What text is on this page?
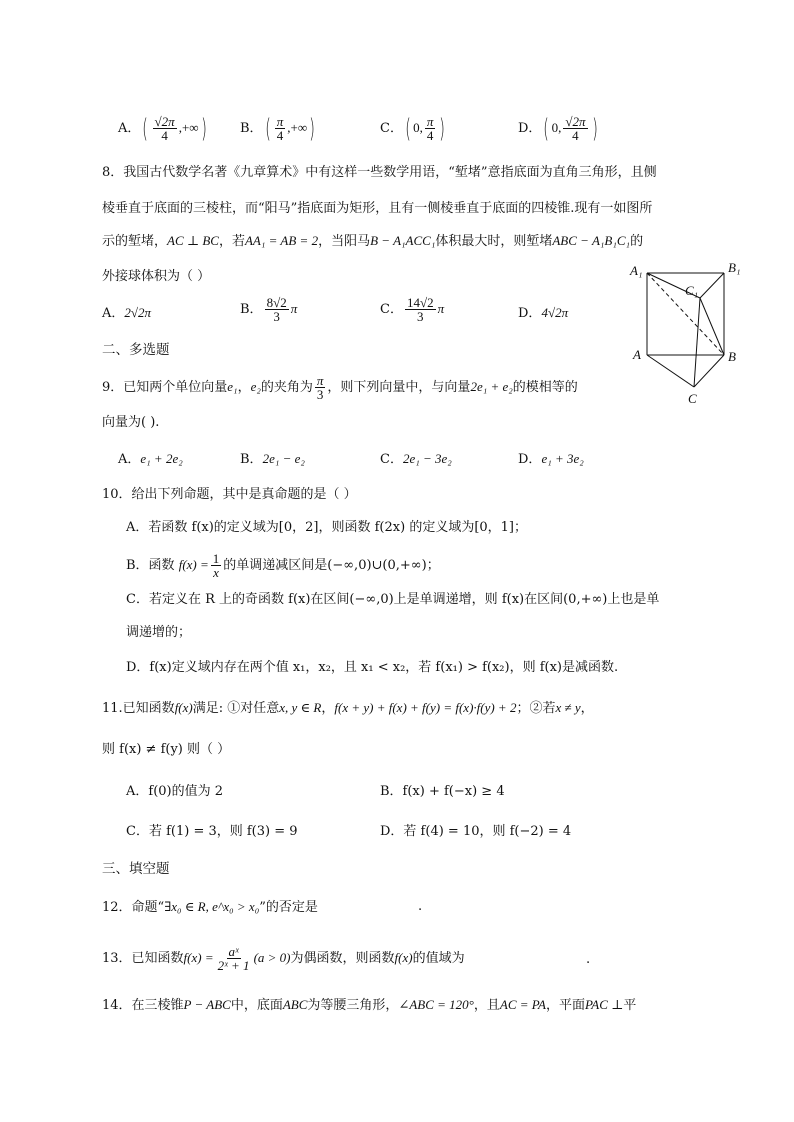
A．( $\frac{√2\pi}{4}$ ,+∞)	B．( $\frac{\pi}{4}$ ,+∞)	C．( 0, $\frac{\pi}{4}$ )	D．( 0, $\frac{√2\pi}{4}$ )
8．我国古代数学名著《九章算术》中有这样一些数学用语，“堑堵”意指底面为直角三角形，且侧
棱垂直于底面的三棱柱，而“阳马”指底面为矩形，且有一侧棱垂直于底面的四棱锥.现有一如图所
示的堑堵，AC ⊥ BC，若AA₁ = AB = 2，当阳马B − A₁ACC₁体积最大时，则堑堵ABC − A₁B₁C₁的
外接球体积为（ ）
A．2√2π	B． $\frac{8√2}{3}$ π	C． $\frac{14√2}{3}$ π	D．4√2π
A₁	B₁
C₁
A	B
C
二、多选题
9．已知两个单位向量e₁，e₂的夹角为 $\frac{\pi}{3}$ ，则下列向量中，与向量2e₁ + e₂的模相等的
向量为( ).
A．e₁ + 2e₂	B．2e₁ − e₂	C．2e₁ − 3e₂	D．e₁ + 3e₂
10．给出下列命题，其中是真命题的是（ ）
A．若函数 f(x)的定义域为[0，2]，则函数 f(2x) 的定义域为[0，1]；
B．函数 $f(x) = \frac{1}{x}$ 的单调递减区间是(−∞,0)∪(0,+∞)；
C．若定义在 R 上的奇函数 f(x)在区间(−∞,0)上是单调递增，则 f(x)在区间(0,+∞)上也是单
调递增的；
D．f(x)定义域内存在两个值 x₁，x₂，且 x₁ < x₂，若 f(x₁) > f(x₂)，则 f(x)是减函数.
11.已知函数f(x)满足: ①对任意x, y ∈ R，f(x + y) + f(x) + f(y) = f(x)·f(y) + 2；②若x ≠ y，
则 f(x) ≠ f(y) 则（ ）
A．f(0)的值为 2	B．f(x) + f(−x) ≥ 4
C．若 f(1) = 3，则 f(3) = 9	D．若 f(4) = 10，则 f(−2) = 4
三、填空题
12．命题“∃x₀ ∈ R, e^x₀ > x₀”的否定是	.
13．已知函数$f(x) = \frac{\text{aˣ}}{\text{2ˣ + 1}} (a > 0)$为偶函数，则函数f(x)的值域为	.
14．在三棱锥P − ABC中，底面ABC为等腰三角形，∠ABC = 120°，且AC = PA，平面PAC ⊥平
